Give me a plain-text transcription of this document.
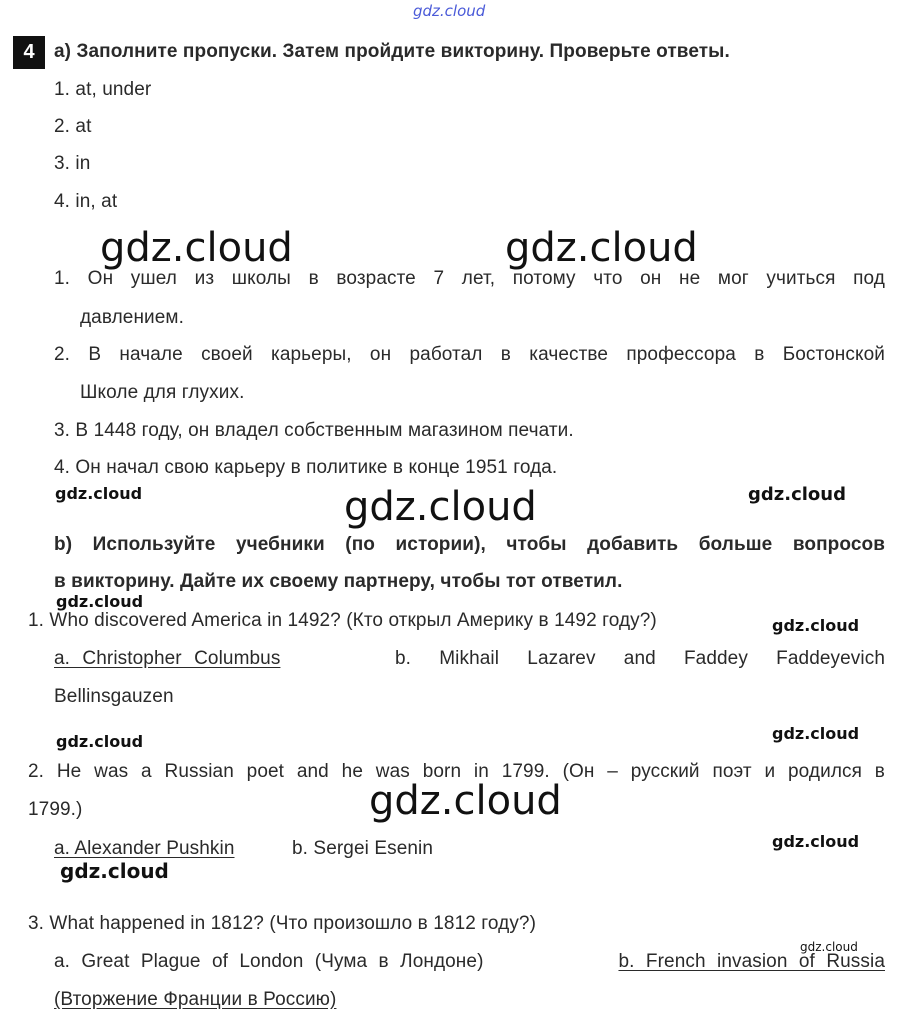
gdz.cloud
4 a) Заполните пропуски. Затем пройдите викторину. Проверьте ответы.
1. at, under
2. at
3. in
4. in, at
gdz.cloud	gdz.cloud
1. Он ушел из школы в возрасте 7 лет, потому что он не мог учиться под
давлением.
2. В начале своей карьеры, он работал в качестве профессора в Бостонской
Школе для глухих.
3. В 1448 году, он владел собственным магазином печати.
4. Он начал свою карьеру в политике в конце 1951 года.
gdz.cloud	gdz.cloud	gdz.cloud
b) Используйте учебники (по истории), чтобы добавить больше вопросов
в викторину. Дайте их своему партнеру, чтобы тот ответил.
gdz.cloud
1. Who discovered America in 1492? (Кто открыл Америку в 1492 году?)	gdz.cloud
a. Christopher Columbus	b. Mikhail Lazarev and Faddey Faddeyevich
Bellinsgauzen
gdz.cloud
gdz.cloud
2. He was a Russian poet and he was born in 1799. (Он – русский поэт и родился в
1799.)	gdz.cloud
gdz.cloud
a. Alexander Pushkin	b. Sergei Esenin
gdz.cloud
3. What happened in 1812? (Что произошло в 1812 году?)
gdz.cloud
a. Great Plague of London (Чума в Лондоне)	b. French invasion of Russia
(Вторжение Франции в Россию)
